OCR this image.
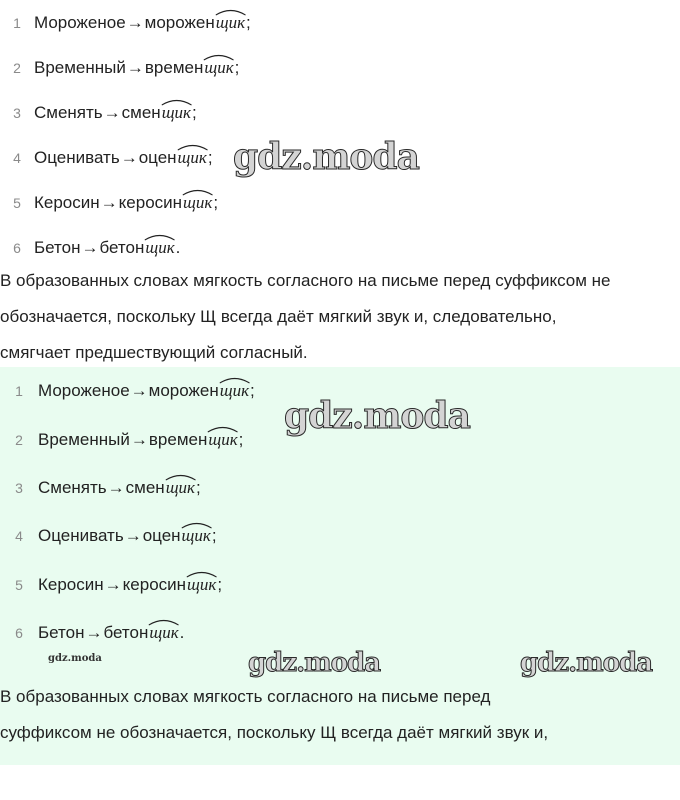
1 Мороженое → морожен щик ;
2 Временный → времен щик ;
3 Сменять → смен щик ;
4 Оценивать → оцен щик ;
5 Керосин → керосин щик ;
6 Бетон → бетон щик .
В образованных словах мягкость согласного на письме перед суффиксом не
обозначается, поскольку Щ всегда даёт мягкий звук и, следовательно,
смягчает предшествующий согласный.
gdz.moda
1 Мороженое → морожен щик ;
2 Временный → времен щик ;
3 Сменять → смен щик ;
4 Оценивать → оцен щик ;
5 Керосин → керосин щик ;
6 Бетон → бетон щик .
В образованных словах мягкость согласного на письме перед
суффиксом не обозначается, поскольку Щ всегда даёт мягкий звук и,
gdz.moda
gdz.moda	gdz.moda	gdz.moda
